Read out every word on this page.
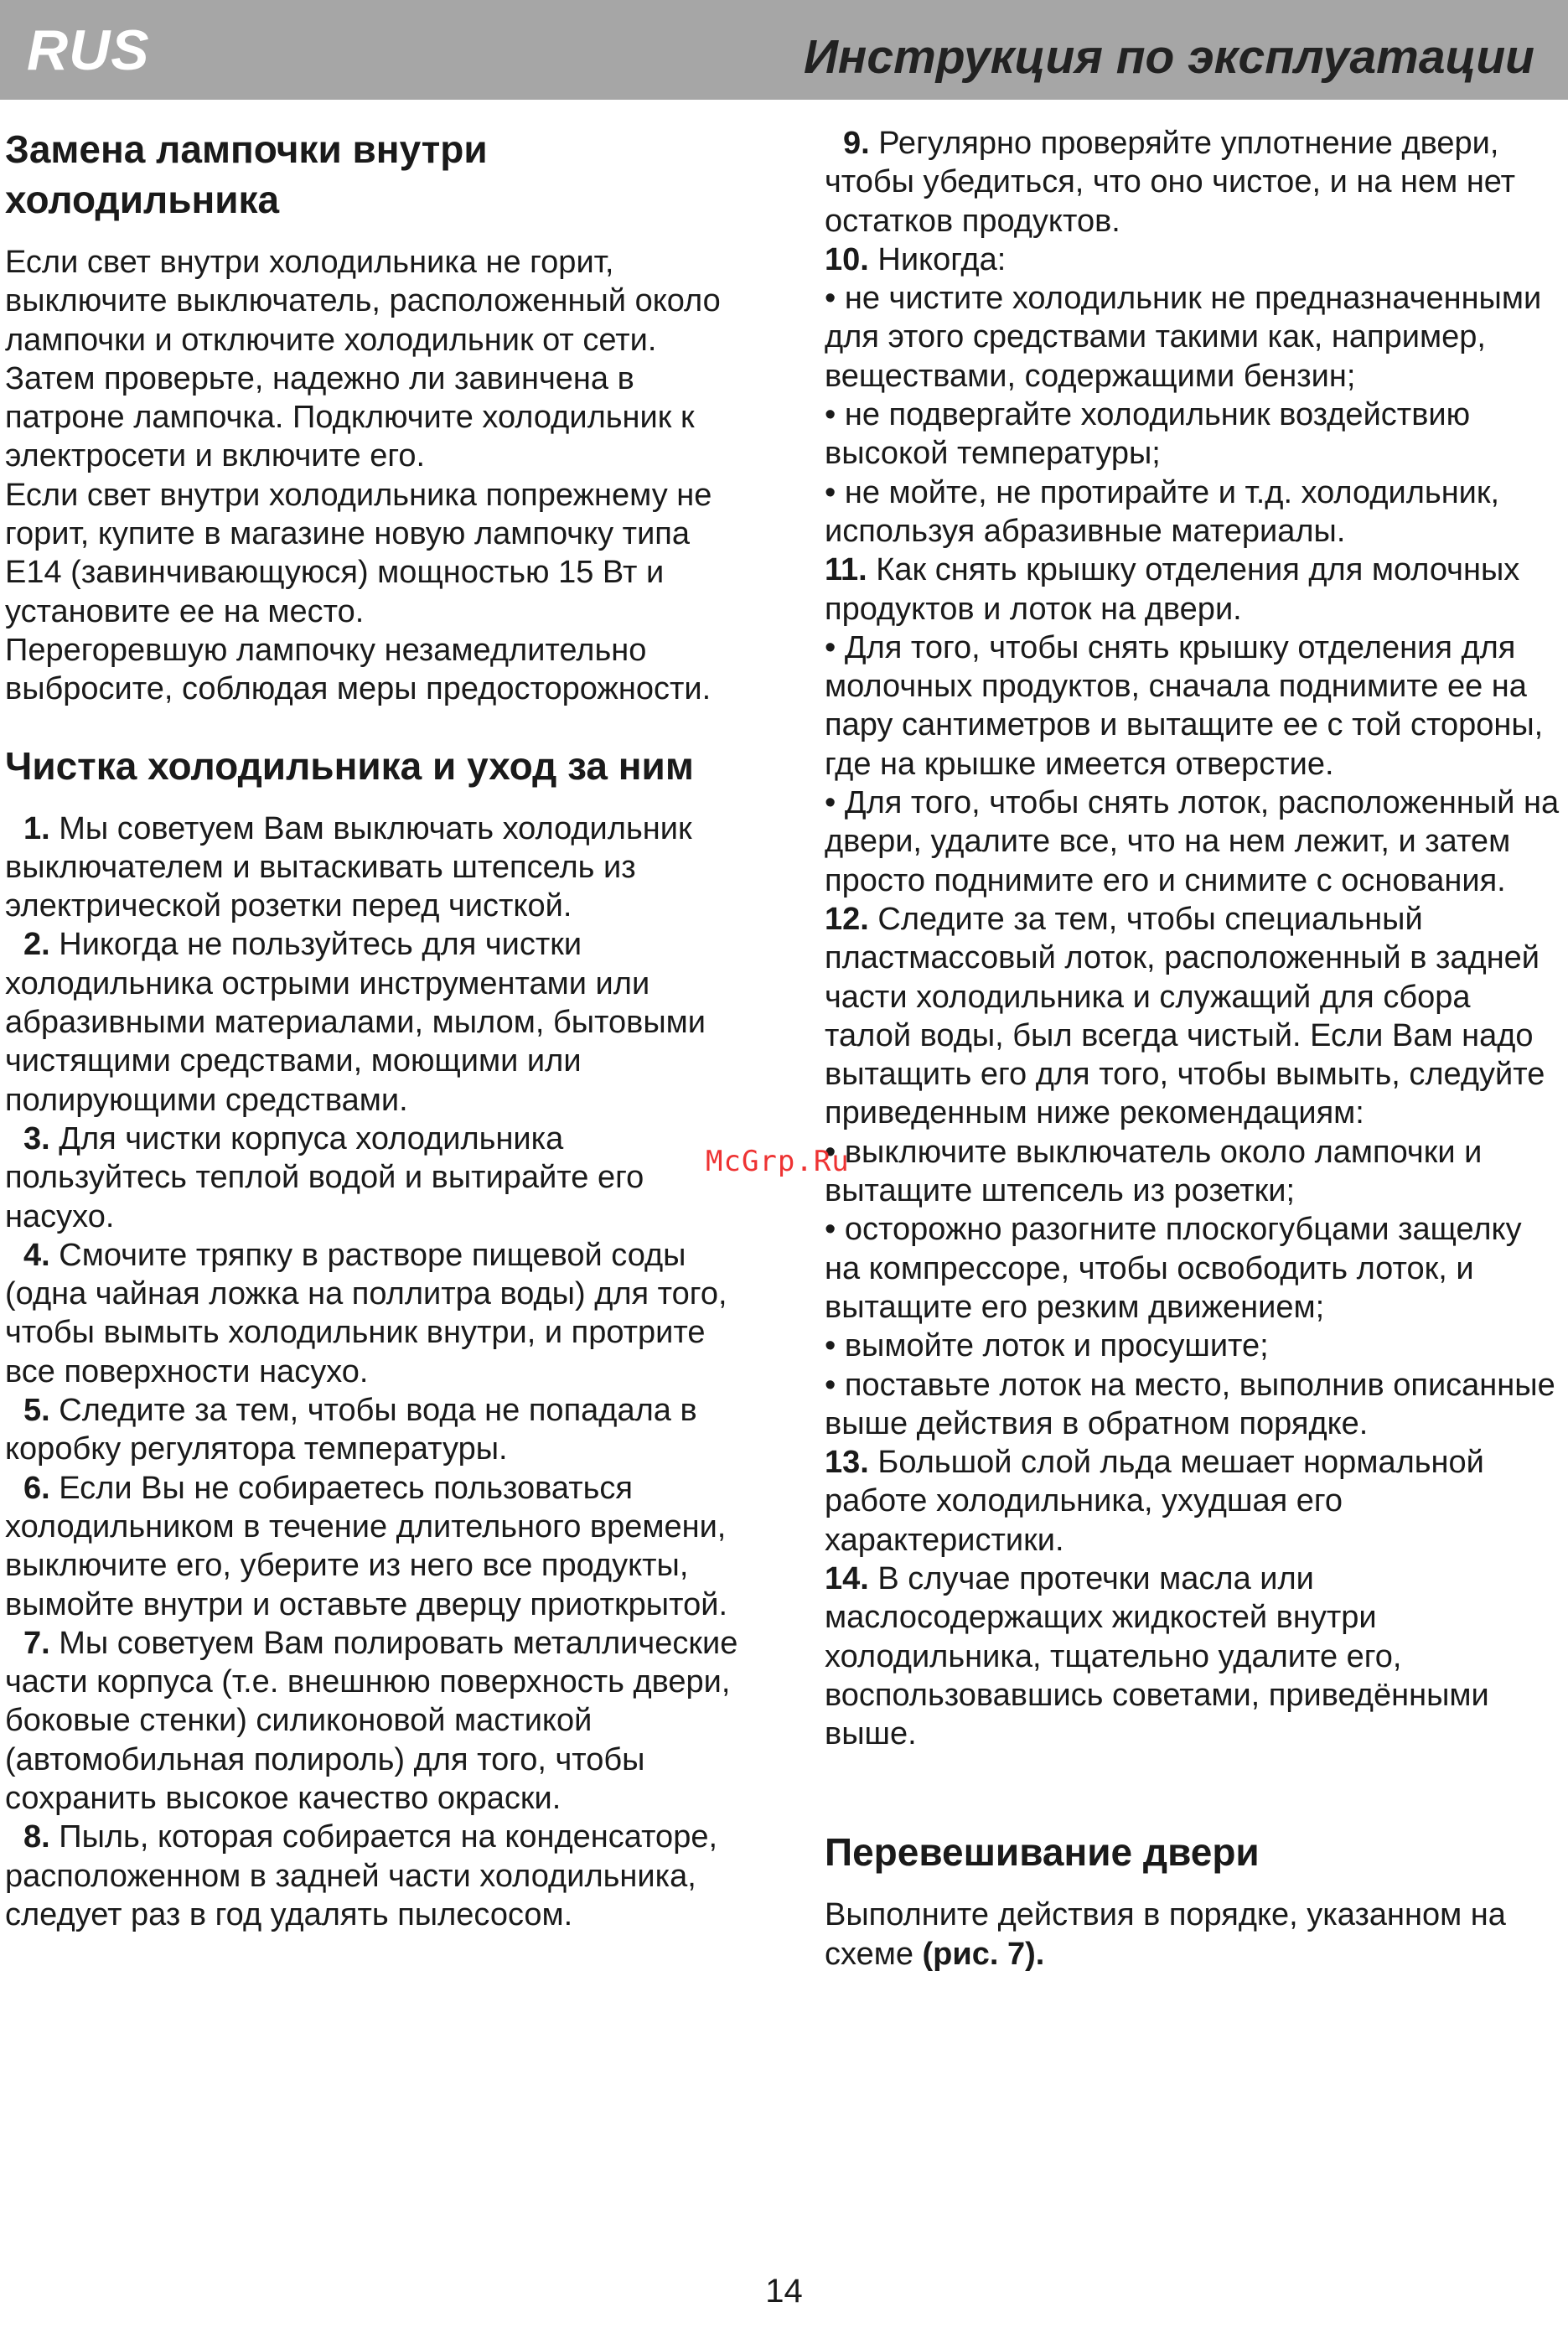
RUS	Инструкция по эксплуатации
Замена лампочки внутри холодильника

Если свет внутри холодильника не горит, выключите выключатель, расположенный около лампочки и отключите холодильник от сети.

Затем проверьте, надежно ли завинчена в патроне лампочка. Подключите холодильник к электросети и включите его.

Если свет внутри холодильника попрежнему не горит, купите в магазине новую лампочку типа Е14 (завинчивающуюся) мощностью 15 Вт и установите ее на место.

Перегоревшую лампочку незамедлительно выбросите, соблюдая меры предосторожности.

Чистка холодильника и уход за ним

1. Мы советуем Вам выключать холодильник выключателем и вытаскивать штепсель из электрической розетки перед чисткой.

2. Никогда не пользуйтесь для чистки холодильника острыми инструментами или абразивными материалами, мылом, бытовыми чистящими средствами, моющими или полирующими средствами.

3. Для чистки корпуса холодильника пользуйтесь теплой водой и вытирайте его насухо.

4. Смочите тряпку в растворе пищевой соды (одна чайная ложка на поллитра воды) для того, чтобы вымыть холодильник внутри, и протрите все поверхности насухо.

5. Следите за тем, чтобы вода не попадала в коробку регулятора температуры.

6. Если Вы не собираетесь пользоваться холодильником в течение длительного времени, выключите его, уберите из него все продукты, вымойте внутри и оставьте дверцу приоткрытой.

7. Мы советуем Вам полировать металлические части корпуса (т.е. внешнюю поверхность двери, боковые стенки) силиконовой мастикой (автомобильная полироль) для того, чтобы сохранить высокое качество окраски.

8. Пыль, которая собирается на конденсаторе, расположенном в задней части холодильника, следует раз в год удалять пылесосом.

9. Регулярно проверяйте уплотнение двери, чтобы убедиться, что оно чистое, и на нем нет остатков продуктов.

10. Никогда:

• не чистите холодильник не предназначенными для этого средствами такими как, например, веществами, содержащими бензин;

• не подвергайте холодильник воздействию высокой температуры;

• не мойте, не протирайте и т.д. холодильник, используя абразивные материалы.

11. Как снять крышку отделения для молочных продуктов и лоток на двери.

• Для того, чтобы снять крышку отделения для молочных продуктов, сначала поднимите ее на пару сантиметров и вытащите ее с той стороны, где на крышке имеется отверстие.

• Для того, чтобы снять лоток, расположенный на двери, удалите все, что на нем лежит, и затем просто поднимите его и снимите с основания.

12. Следите за тем, чтобы специальный пластмассовый лоток, расположенный в задней части холодильника и служащий для сбора талой воды, был всегда чистый. Если Вам надо вытащить его для того, чтобы вымыть, следуйте приведенным ниже рекомендациям:

• выключите выключатель около лампочки и вытащите штепсель из розетки;

• осторожно разогните плоскогубцами защелку на компрессоре, чтобы освободить лоток, и вытащите его резким движением;

• вымойте лоток и просушите;

• поставьте лоток на место, выполнив описанные выше действия в обратном порядке.

13. Большой слой льда мешает нормальной работе холодильника, ухудшая его характеристики.

14. В случае протечки масла или маслосодержащих жидкостей внутри холодильника, тщательно удалите его, воспользовавшись советами, приведёнными выше.

Перевешивание двери

Выполните действия в порядке, указанном на схеме (рис. 7).

McGrp.Ru
14
